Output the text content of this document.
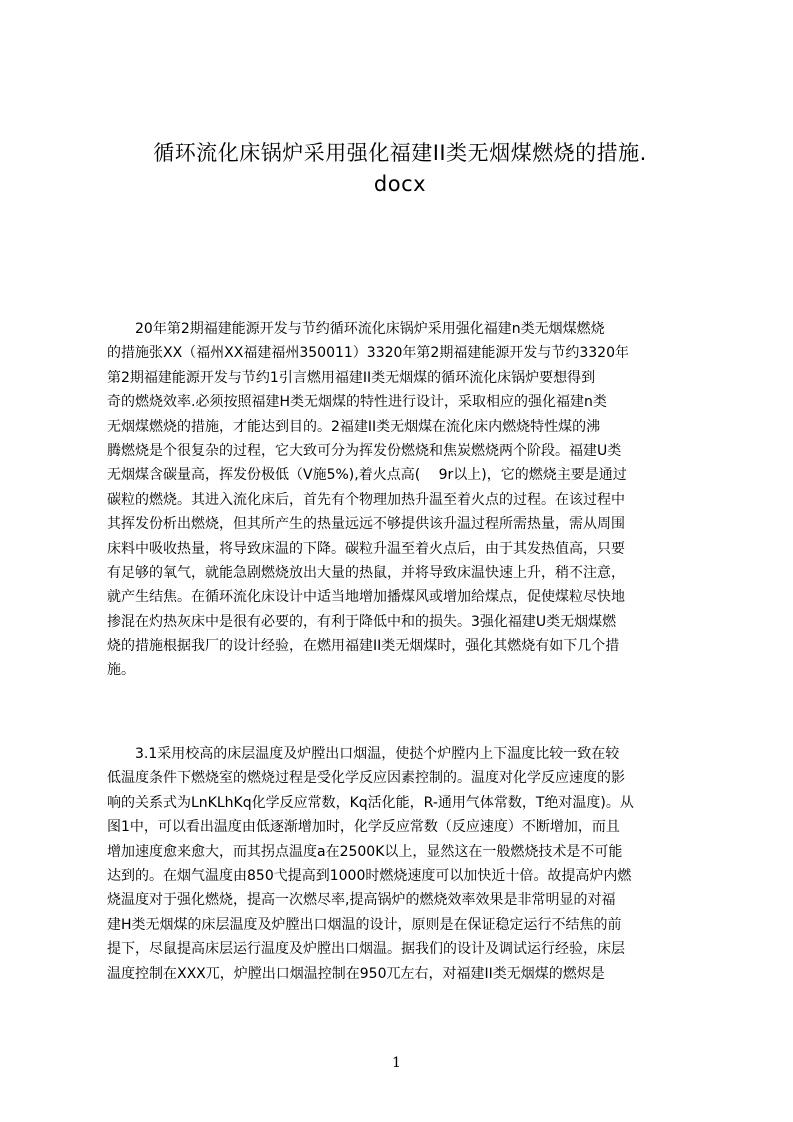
循环流化床锅炉采用强化福建II类无烟煤燃烧的措施.
docx
　　20年第2期福建能源开发与节约循环流化床锅炉采用强化福建n类无烟煤燃烧
的措施张XX（福州XX福建福州350011）3320年第2期福建能源开发与节约3320年
第2期福建能源开发与节约1引言燃用福建II类无烟煤的循环流化床锅炉要想得到
奇的燃烧效率.必须按照福建H类无烟煤的特性进行设计，采取相应的强化福建n类
无烟煤燃烧的措施，才能达到目的。2福建II类无烟煤在流化床内燃烧特性煤的沸
腾燃烧是个很复杂的过程，它大致可分为挥发份燃烧和焦炭燃烧两个阶段。福建U类
无烟煤含碳量高，挥发份极低（V施5%),着火点高(　 9r以上)，它的燃烧主要是通过
碳粒的燃烧。其进入流化床后，首先有个物理加热升温至着火点的过程。在该过程中
其挥发份析出燃烧，但其所产生的热量远远不够提供该升温过程所需热量，需从周围
床料中吸收热量，将导致床温的下降。碳粒升温至着火点后，由于其发热值高，只要
有足够的氧气，就能急剧燃烧放出大量的热鼠，并将导致床温快速上升，稍不注意，
就产生结焦。在循环流化床设计中适当地增加播煤风或增加给煤点，促使煤粒尽快地
掺混在灼热灰床中是很有必要的，有利于降低中和的损失。3强化福建U类无烟煤燃
烧的措施根据我厂的设计经验，在燃用福建II类无烟煤时，强化其燃烧有如下几个措
施。
　　3.1采用校高的床层温度及炉膛出口烟温，使挞个炉膛内上下温度比较一致在较
低温度条件下燃烧室的燃烧过程是受化学反应因素控制的。温度对化学反应速度的影
响的关系式为LnKLhKq化学反应常数，Kq活化能，R-通用气体常数，T绝对温度)。从
图1中，可以看出温度由低逐渐增加时，化学反应常数（反应速度）不断增加，而且
增加速度愈来愈大，而其拐点温度a在2500K以上，显然这在一般燃烧技术是不可能
达到的。在烟气温度由850弋提高到1000时燃烧速度可以加快近十倍。故提高炉内燃
烧温度对于强化燃烧，提高一次燃尽率,提高锅炉的燃烧效率效果是非常明显的对福
建H类无烟煤的床层温度及炉膛出口烟温的设计，原则是在保证稳定运行不结焦的前
提下，尽鼠提高床层运行温度及炉膛出口烟温。据我们的设计及调试运行经验，床层
温度控制在XXX兀，炉膛出口烟温控制在950兀左右，对福建II类无烟煤的燃烬是
1
